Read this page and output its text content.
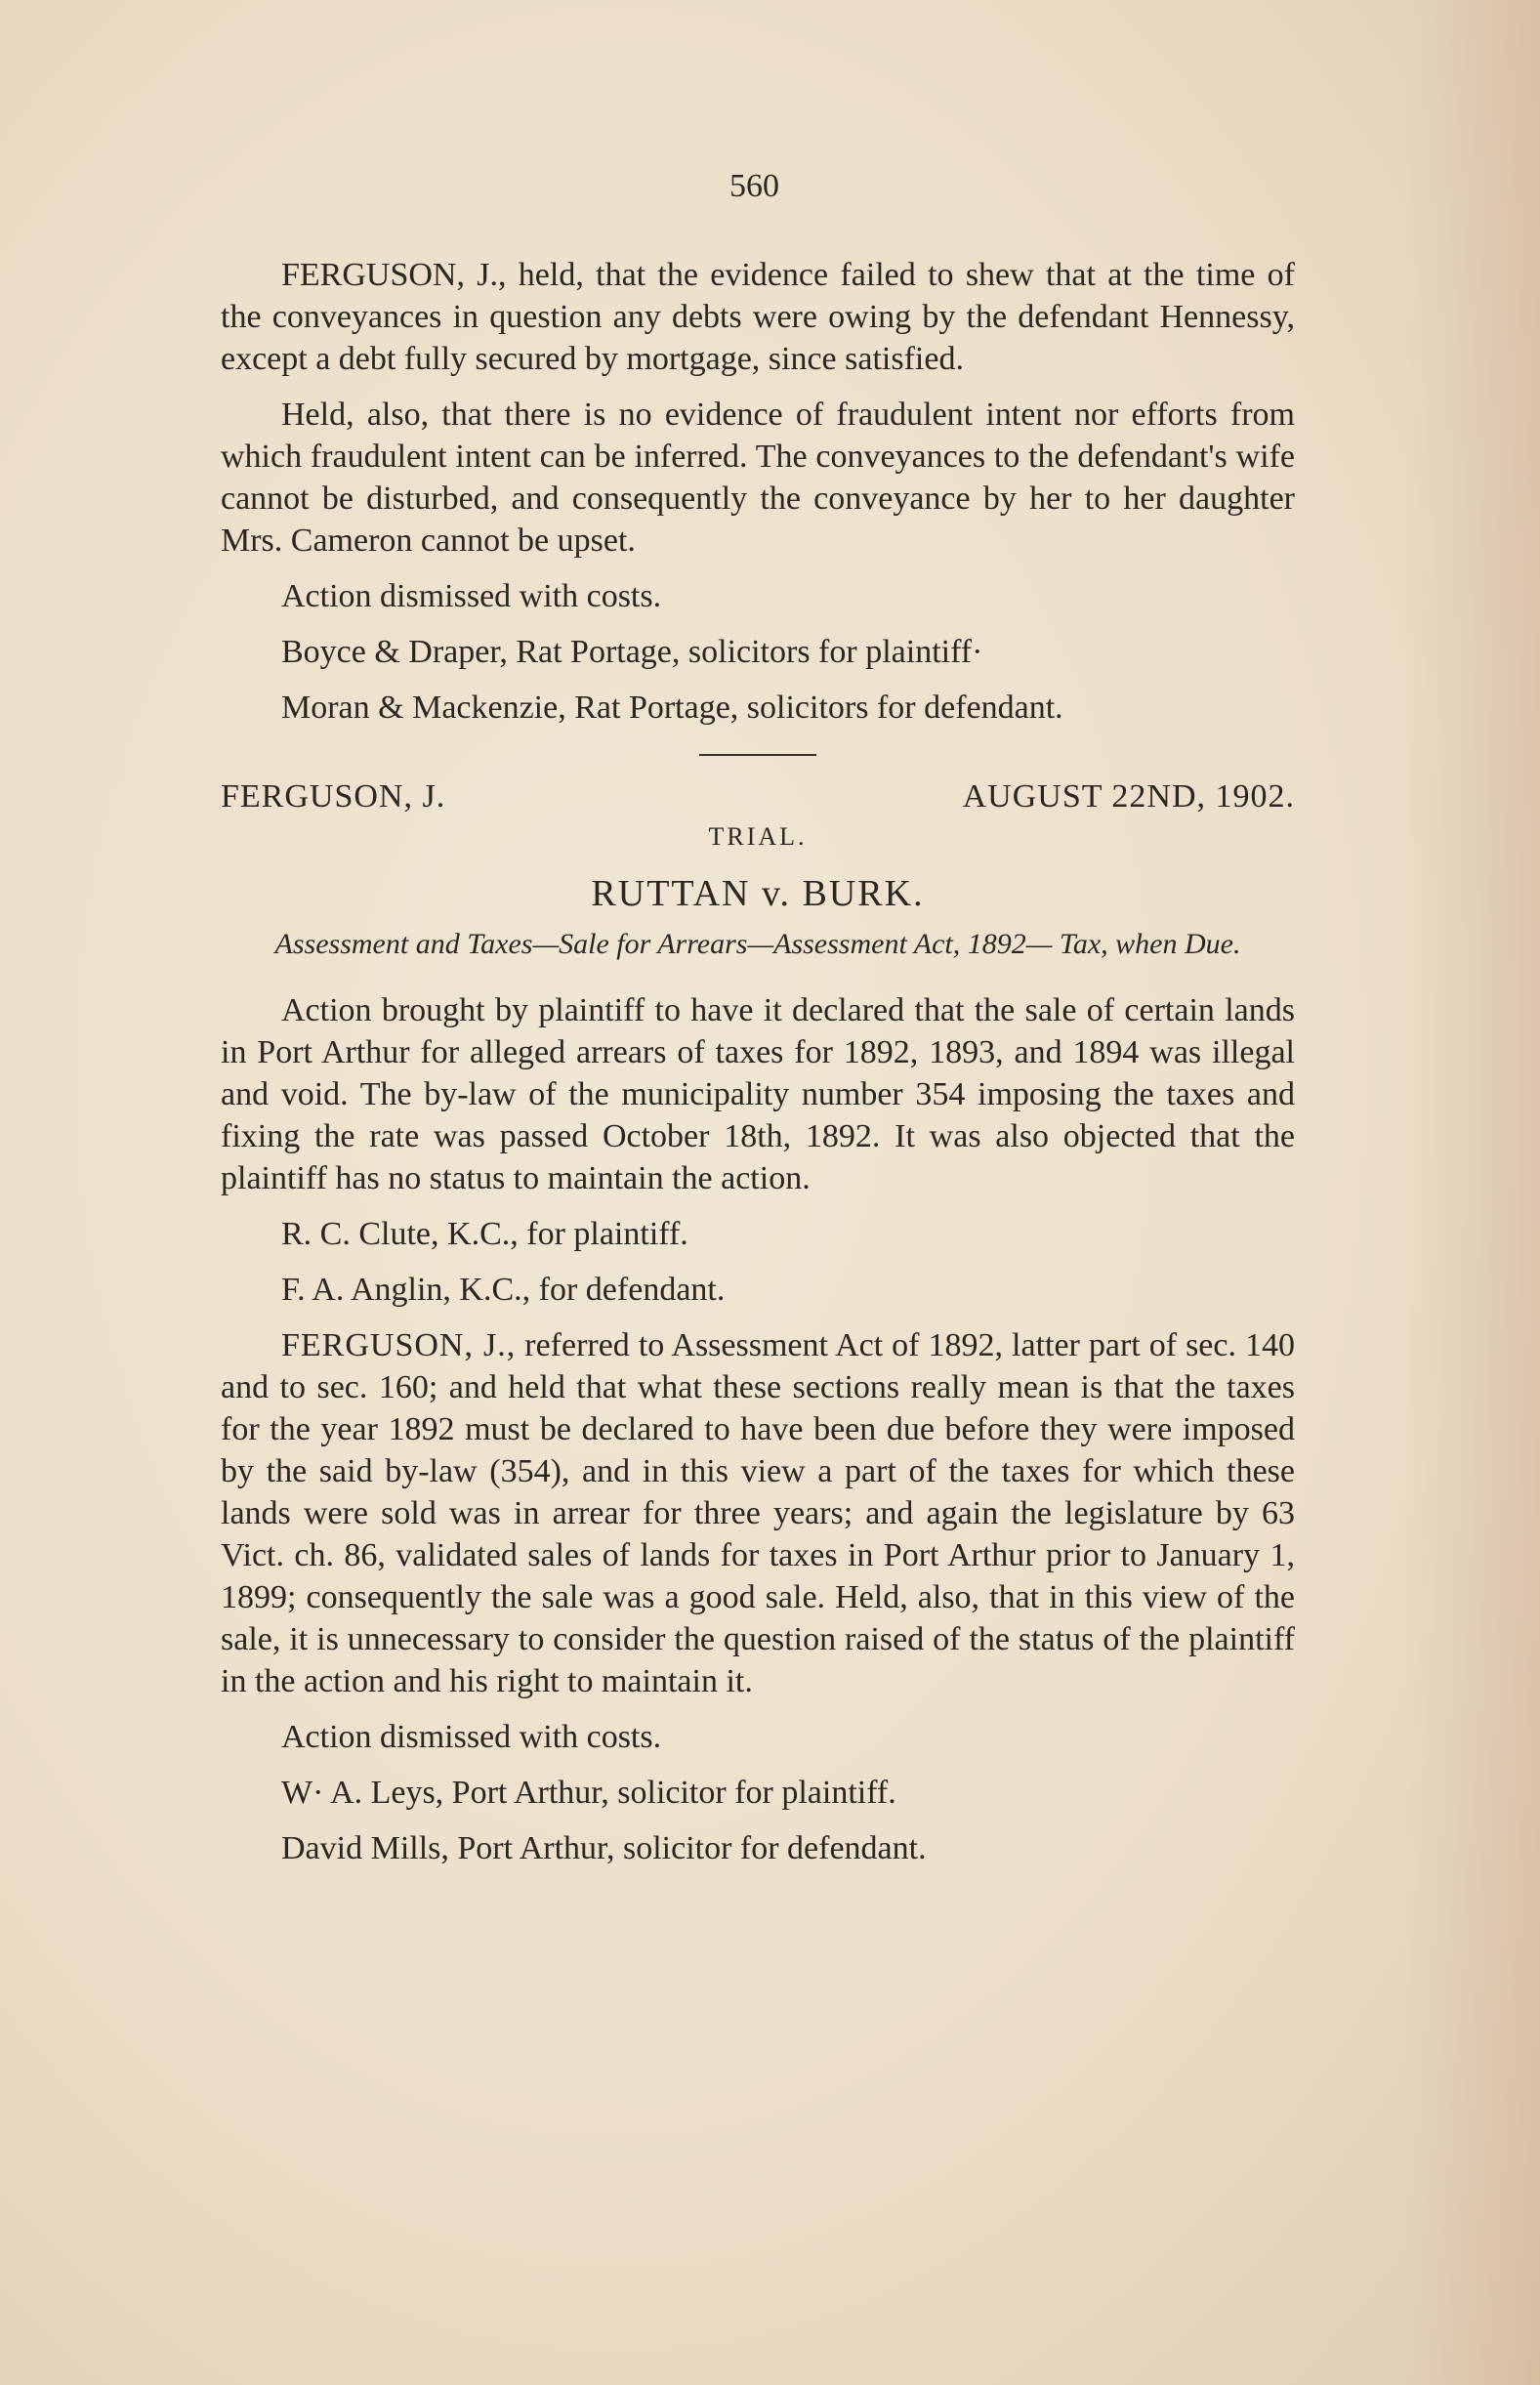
560

FERGUSON, J., held, that the evidence failed to shew that at the time of the conveyances in question any debts were owing by the defendant Hennessy, except a debt fully secured by mortgage, since satisfied.

Held, also, that there is no evidence of fraudulent intent nor efforts from which fraudulent intent can be inferred. The conveyances to the defendant's wife cannot be disturbed, and consequently the conveyance by her to her daughter Mrs. Cameron cannot be upset.

Action dismissed with costs.

Boyce & Draper, Rat Portage, solicitors for plaintiff·

Moran & Mackenzie, Rat Portage, solicitors for defendant.

FERGUSON, J.	AUGUST 22ND, 1902.
TRIAL.
RUTTAN v. BURK.
Assessment and Taxes—Sale for Arrears—Assessment Act, 1892— Tax, when Due.

Action brought by plaintiff to have it declared that the sale of certain lands in Port Arthur for alleged arrears of taxes for 1892, 1893, and 1894 was illegal and void. The by-law of the municipality number 354 imposing the taxes and fixing the rate was passed October 18th, 1892. It was also objected that the plaintiff has no status to maintain the action.

R. C. Clute, K.C., for plaintiff.

F. A. Anglin, K.C., for defendant.

FERGUSON, J., referred to Assessment Act of 1892, latter part of sec. 140 and to sec. 160; and held that what these sections really mean is that the taxes for the year 1892 must be declared to have been due before they were imposed by the said by-law (354), and in this view a part of the taxes for which these lands were sold was in arrear for three years; and again the legislature by 63 Vict. ch. 86, validated sales of lands for taxes in Port Arthur prior to January 1, 1899; consequently the sale was a good sale. Held, also, that in this view of the sale, it is unnecessary to consider the question raised of the status of the plaintiff in the action and his right to maintain it.

Action dismissed with costs.

W· A. Leys, Port Arthur, solicitor for plaintiff.

David Mills, Port Arthur, solicitor for defendant.
